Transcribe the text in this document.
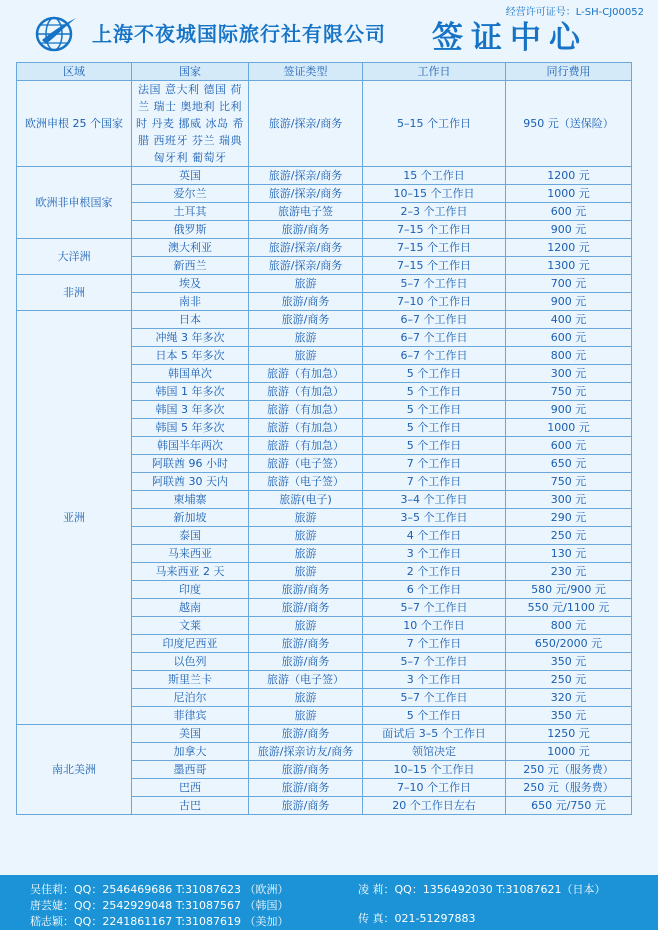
上海不夜城国际旅行社有限公司 签证中心
经营许可证号：L-SH-CJ00052
区域	国家	签证类型	工作日	同行费用
欧洲申根 25 个国家	法国 意大利 德国 荷兰 瑞士 奥地利 比利时 丹麦 挪威 冰岛 希腊 西班牙 芬兰 瑞典 匈牙利 葡萄牙	旅游/探亲/商务	5–15 个工作日	950 元（送保险）
欧洲非申根国家	英国	旅游/探亲/商务	15 个工作日	1200 元
	爱尔兰	旅游/探亲/商务	10–15 个工作日	1000 元
	土耳其	旅游电子签	2–3 个工作日	600 元
	俄罗斯	旅游/商务	7–15 个工作日	900 元
大洋洲	澳大利亚	旅游/探亲/商务	7–15 个工作日	1200 元
	新西兰	旅游/探亲/商务	7–15 个工作日	1300 元
非洲	埃及	旅游	5–7 个工作日	700 元
	南非	旅游/商务	7–10 个工作日	900 元
亚洲	日本	旅游/商务	6–7 个工作日	400 元
	冲绳 3 年多次	旅游	6–7 个工作日	600 元
	日本 5 年多次	旅游	6–7 个工作日	800 元
	韩国单次	旅游（有加急）	5 个工作日	300 元
	韩国 1 年多次	旅游（有加急）	5 个工作日	750 元
	韩国 3 年多次	旅游（有加急）	5 个工作日	900 元
	韩国 5 年多次	旅游（有加急）	5 个工作日	1000 元
	韩国半年两次	旅游（有加急）	5 个工作日	600 元
	阿联酋 96 小时	旅游（电子签）	7 个工作日	650 元
	阿联酋 30 天内	旅游（电子签）	7 个工作日	750 元
	柬埔寨	旅游(电子)	3–4 个工作日	300 元
	新加坡	旅游	3–5 个工作日	290 元
	泰国	旅游	4 个工作日	250 元
	马来西亚	旅游	3 个工作日	130 元
	马来西亚 2 天	旅游	2 个工作日	230 元
	印度	旅游/商务	6 个工作日	580 元/900 元
	越南	旅游/商务	5–7 个工作日	550 元/1100 元
	文莱	旅游	10 个工作日	800 元
	印度尼西亚	旅游/商务	7 个工作日	650/2000 元
	以色列	旅游/商务	5–7 个工作日	350 元
	斯里兰卡	旅游（电子签）	3 个工作日	250 元
	尼泊尔	旅游	5–7 个工作日	320 元
	菲律宾	旅游	5 个工作日	350 元
南北美洲	美国	旅游/商务	面试后 3–5 个工作日	1250 元
	加拿大	旅游/探亲访友/商务	领馆决定	1000 元
	墨西哥	旅游/商务	10–15 个工作日	250 元（服务费）
	巴西	旅游/商务	7–10 个工作日	250 元（服务费）
	古巴	旅游/商务	20 个工作日左右	650 元/750 元
吴佳莉：QQ：2546469686 T:31087623 （欧洲）
唐芸婕：QQ：2542929048 T:31087567 （韩国）
嵇志颖：QQ：2241861167 T:31087619 （美加）
凌 莉：QQ：1356492030 T:31087621（日本）
传 真：021-51297883
